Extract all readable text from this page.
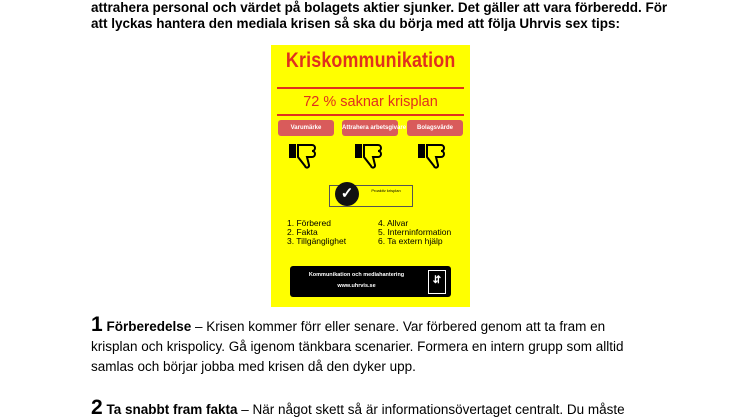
attrahera personal och värdet på bolagets aktier sjunker. Det gäller att vara förberedd. För

att lyckas hantera den mediala krisen så ska du börja med att följa Uhrvis sex tips:

Kriskommunikation
72 % saknar krisplan
Varumärke	Attrahera arbetsgivare	Bolagsvärde
✓	Proaktiv krisplan
1. Förbered
2. Fakta
3. Tillgänglighet
4. Allvar
5. Interninformation
6. Ta extern hjälp
Kommunikation och mediahantering
www.uhrvis.se	⇵

1 Förberedelse – Krisen kommer förr eller senare. Var förbered genom att ta fram en

krisplan och krispolicy. Gå igenom tänkbara scenarier. Formera en intern grupp som alltid

samlas och börjar jobba med krisen då den dyker upp.

2 Ta snabbt fram fakta – När något skett så är informationsövertaget centralt. Du måste
